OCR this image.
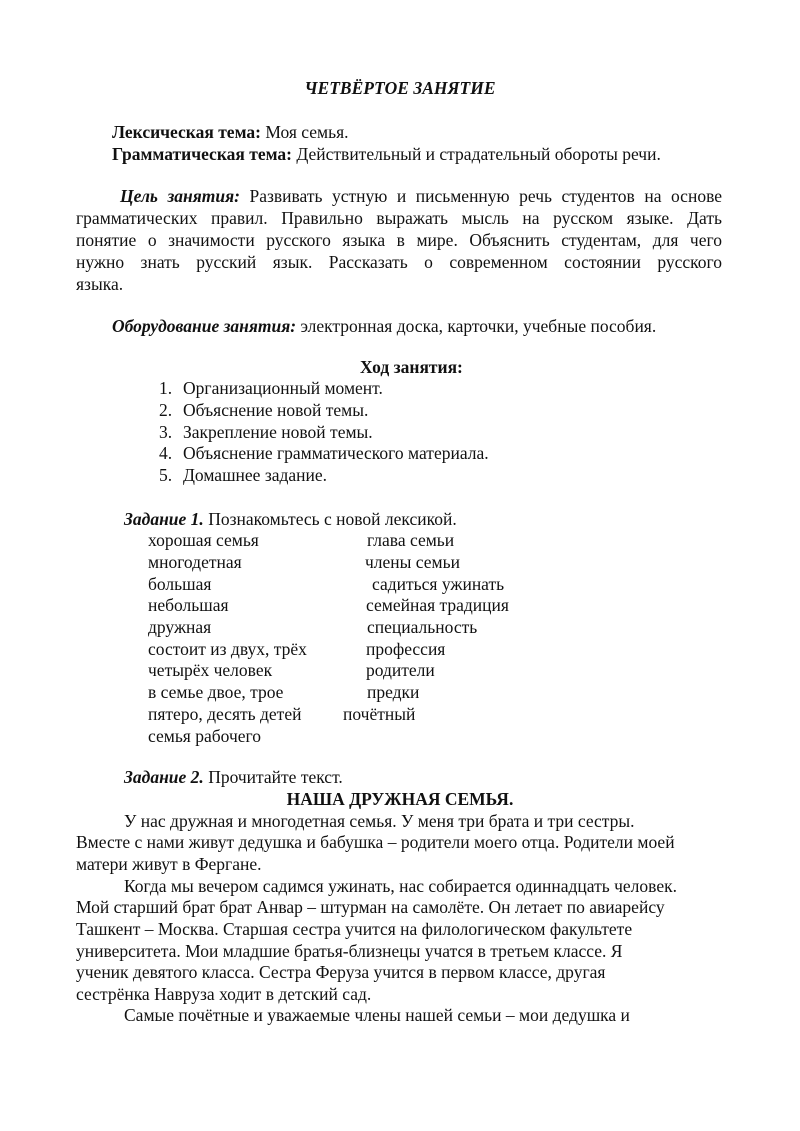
ЧЕТВЁРТОЕ ЗАНЯТИЕ
Лексическая тема: Моя семья.
Грамматическая тема: Действительный и страдательный обороты речи.
Цель занятия: Развивать устную и письменную речь студентов на основе
грамматических правил. Правильно выражать мысль на русском языке. Дать
понятие о значимости русского языка в мире. Объяснить студентам, для чего
нужно знать русский язык. Рассказать о современном состоянии русского
языка.
Оборудование занятия: электронная доска, карточки, учебные пособия.
Ход занятия:
1. Организационный момент.
2. Объяснение новой темы.
3. Закрепление новой темы.
4. Объяснение грамматического материала.
5. Домашнее задание.
Задание 1. Познакомьтесь с новой лексикой.
хорошая семья
многодетная
большая
небольшая
дружная
состоит из двух, трёх
четырёх человек
в семье двое, трое
пятеро, десять детей
семья рабочего
глава семьи
члены семьи
садиться ужинать
семейная традиция
специальность
профессия
родители
предки
почётный
Задание 2. Прочитайте текст.
НАША ДРУЖНАЯ СЕМЬЯ.
У нас дружная и многодетная семья. У меня три брата и три сестры.
Вместе с нами живут дедушка и бабушка – родители моего отца. Родители моей
матери живут в Фергане.
Когда мы вечером садимся ужинать, нас собирается одиннадцать человек.
Мой старший брат брат Анвар – штурман на самолёте. Он летает по авиарейсу
Ташкент – Москва. Старшая сестра учится на филологическом факультете
университета. Мои младшие братья-близнецы учатся в третьем классе. Я
ученик девятого класса. Сестра Феруза учится в первом классе, другая
сестрёнка Навруза ходит в детский сад.
Самые почётные и уважаемые члены нашей семьи – мои дедушка и
